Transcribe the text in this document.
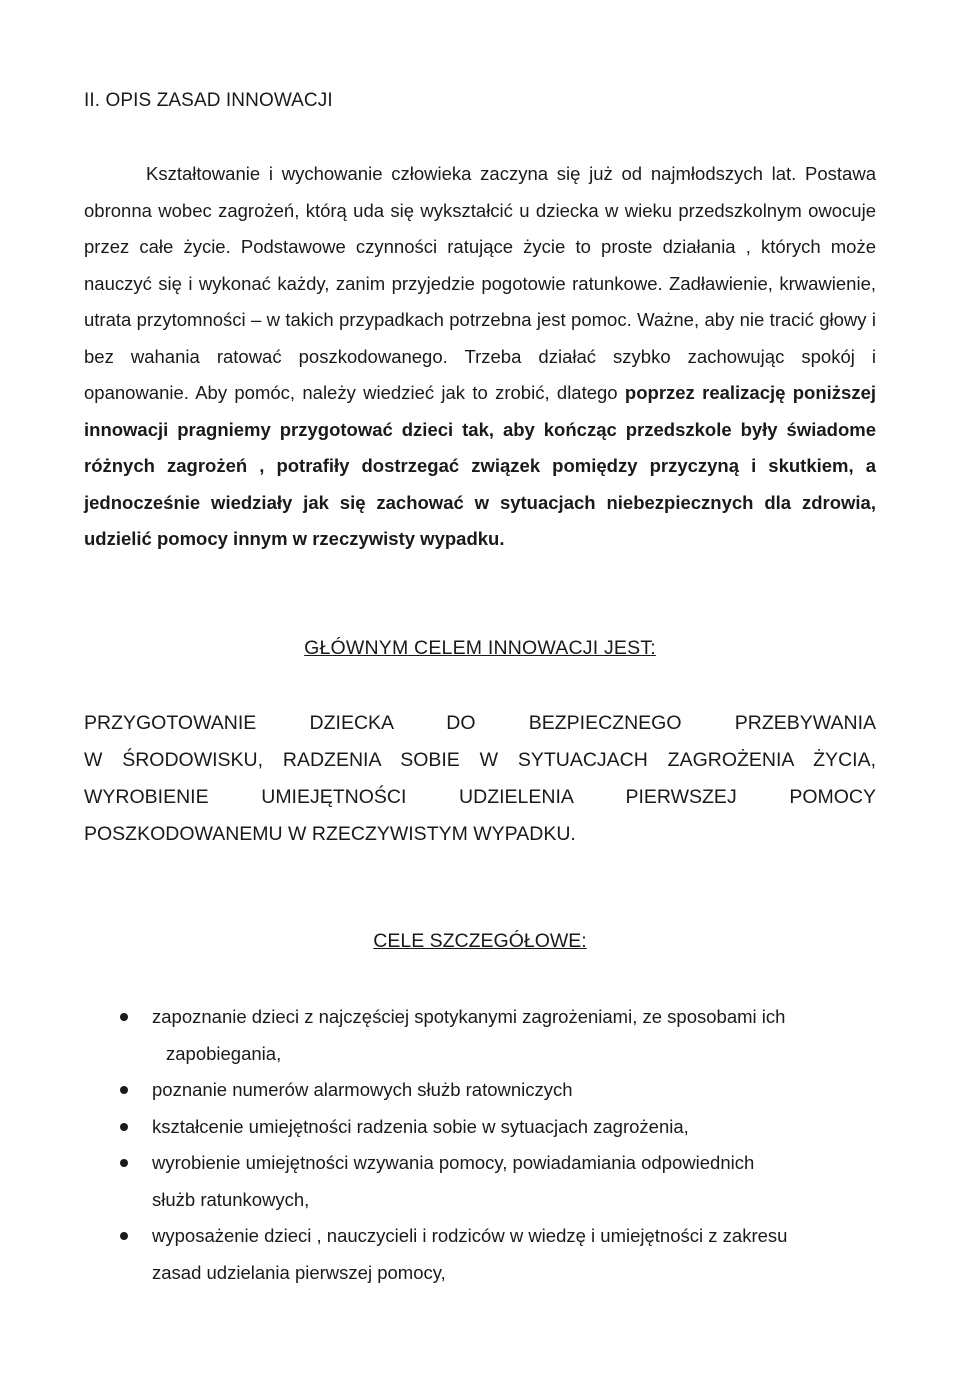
II. OPIS ZASAD INNOWACJI

Kształtowanie i wychowanie człowieka zaczyna się już od najmłodszych lat. Postawa obronna wobec zagrożeń, którą uda się wykształcić u dziecka w wieku przedszkolnym owocuje przez całe życie. Podstawowe czynności ratujące życie to proste działania , których może nauczyć się i wykonać każdy, zanim przyjedzie pogotowie ratunkowe. Zadławienie, krwawienie, utrata przytomności – w takich przypadkach potrzebna jest pomoc. Ważne, aby nie tracić głowy i bez wahania ratować poszkodowanego. Trzeba działać szybko zachowując spokój i opanowanie. Aby pomóc, należy wiedzieć jak to zrobić, dlatego poprzez realizację poniższej innowacji pragniemy przygotować dzieci tak, aby kończąc przedszkole były świadome różnych zagrożeń , potrafiły dostrzegać związek pomiędzy przyczyną i skutkiem, a jednocześnie wiedziały jak się zachować w sytuacjach niebezpiecznych dla zdrowia, udzielić pomocy innym w rzeczywisty wypadku.

GŁÓWNYM CELEM INNOWACJI JEST:

PRZYGOTOWANIE DZIECKA DO BEZPIECZNEGO PRZEBYWANIA
W ŚRODOWISKU, RADZENIA SOBIE W SYTUACJACH ZAGROŻENIA ŻYCIA,
WYROBIENIE UMIEJĘTNOŚCI UDZIELENIA PIERWSZEJ POMOCY
POSZKODOWANEMU W RZECZYWISTYM WYPADKU.

CELE SZCZEGÓŁOWE:
zapoznanie dzieci z najczęściej spotykanymi zagrożeniami, ze sposobami ich
zapobiegania,
poznanie numerów alarmowych służb ratowniczych
kształcenie umiejętności radzenia sobie w sytuacjach zagrożenia,
wyrobienie umiejętności wzywania pomocy, powiadamiania odpowiednich
służb ratunkowych,
wyposażenie dzieci , nauczycieli i rodziców w wiedzę i umiejętności z zakresu
zasad udzielania pierwszej pomocy,
